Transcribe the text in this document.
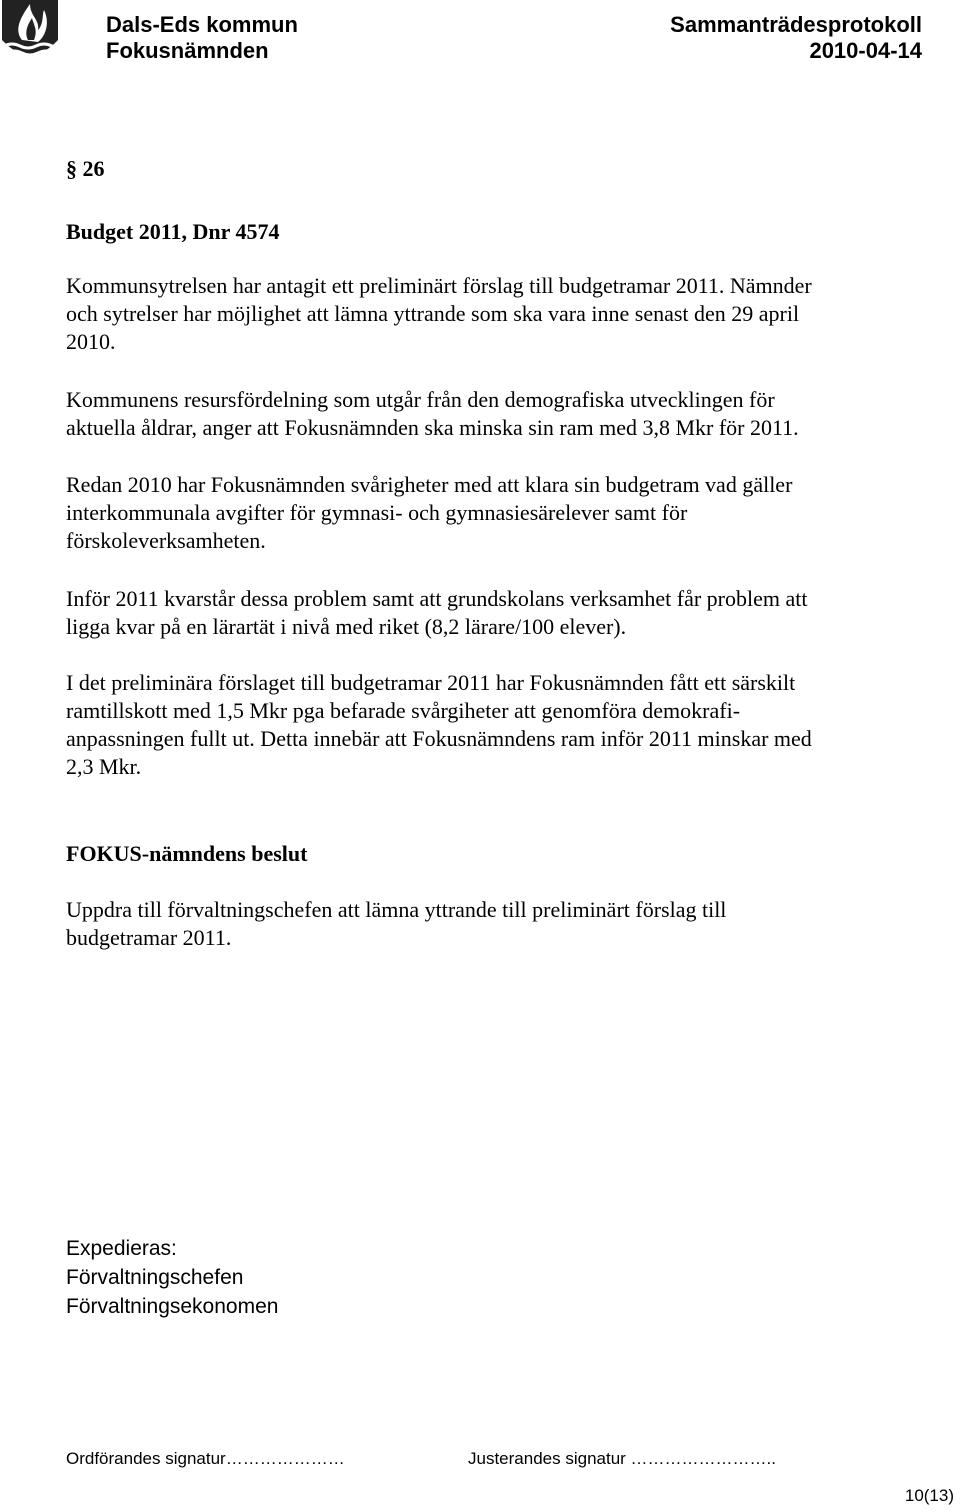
Dals-Eds kommun
Fokusnämnden
Sammanträdesprotokoll
2010-04-14
§ 26
Budget 2011, Dnr 4574
Kommunsytrelsen har antagit ett preliminärt förslag till budgetramar 2011. Nämnder
och sytrelser har möjlighet att lämna yttrande som ska vara inne senast den 29 april
2010.
Kommunens resursfördelning som utgår från den demografiska utvecklingen för
aktuella åldrar, anger att Fokusnämnden ska minska sin ram med 3,8 Mkr för 2011.
Redan 2010 har Fokusnämnden svårigheter med att klara sin budgetram vad gäller
interkommunala avgifter för gymnasi- och gymnasiesärelever samt för
förskoleverksamheten.
Inför 2011 kvarstår dessa problem samt att grundskolans verksamhet får problem att
ligga kvar på en lärartät i nivå med riket (8,2 lärare/100 elever).
I det preliminära förslaget till budgetramar 2011 har Fokusnämnden fått ett särskilt
ramtillskott med 1,5 Mkr pga befarade svårgiheter att genomföra demokrafi-
anpassningen fullt ut. Detta innebär att Fokusnämndens ram inför 2011 minskar med
2,3 Mkr.
FOKUS-nämndens beslut
Uppdra till förvaltningschefen att lämna yttrande till preliminärt förslag till
budgetramar 2011.
Expedieras:
Förvaltningschefen
Förvaltningsekonomen
Ordförandes signatur…………………	Justerandes signatur ……………………..
10(13)
